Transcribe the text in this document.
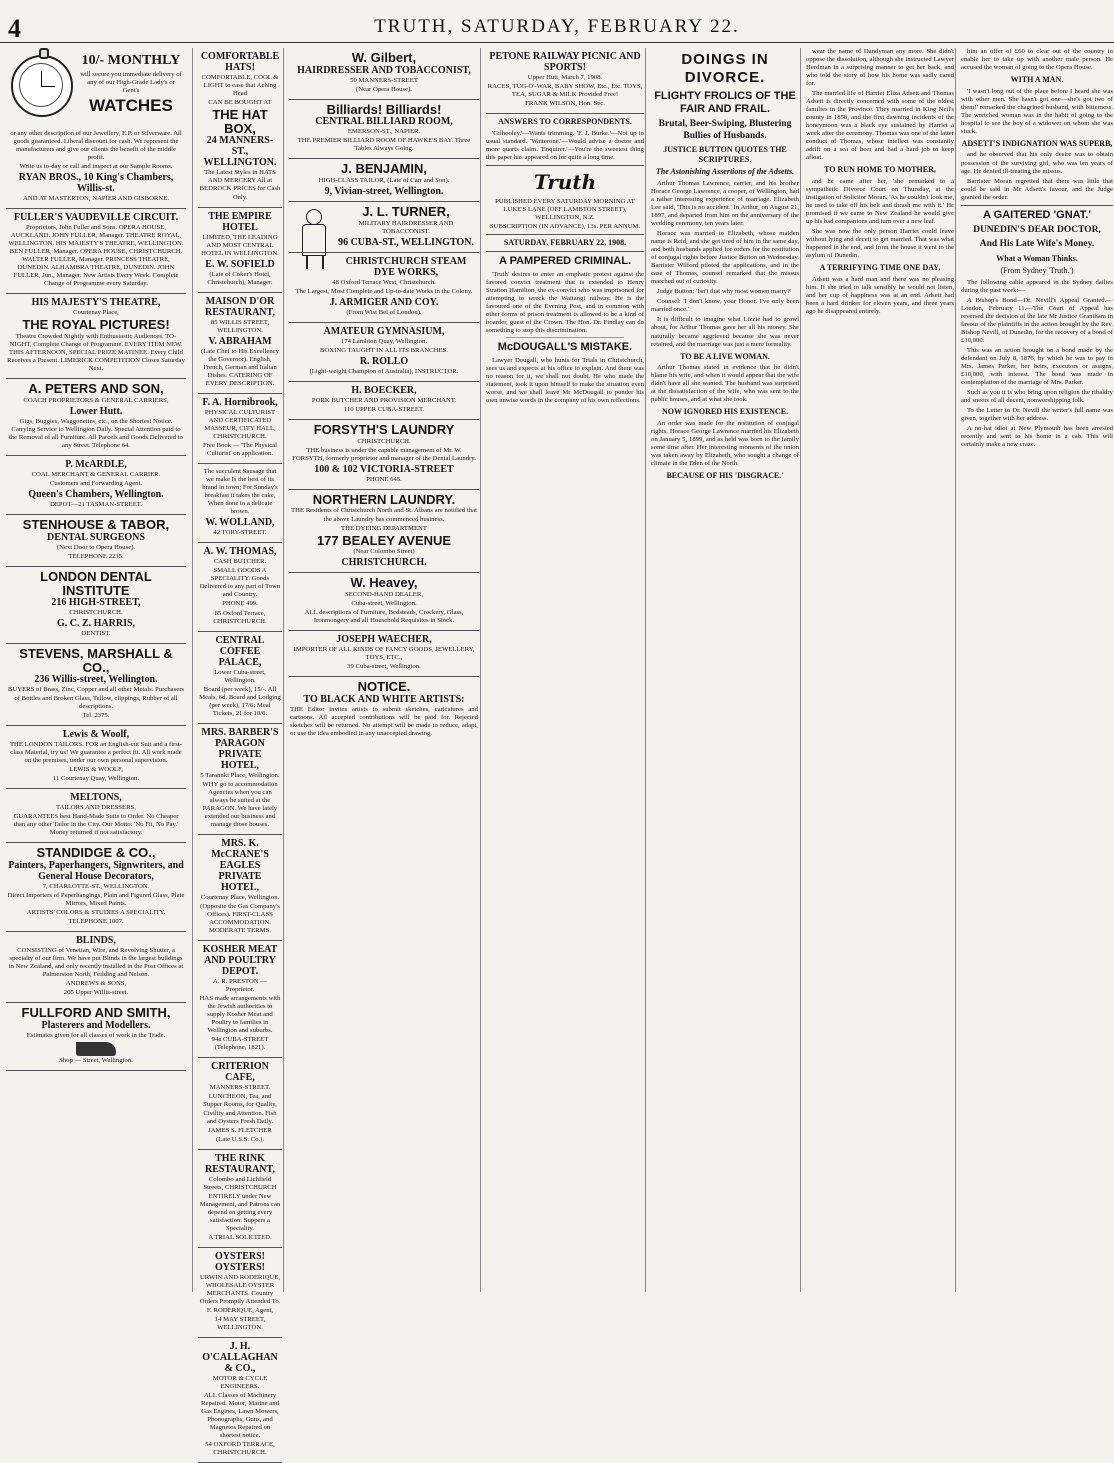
4	TRUTH, SATURDAY, FEBRUARY 22.
10/- MONTHLY

will secure you immediate delivery of any of our High-Grade Lady's or Gent's

WATCHES

or any other description of our Jewellery, E.P. or Silverware. All goods guaranteed. Liberal discount for cash. We represent the manufacturers and give our clients the benefit of the middle profit.

Write us to-day or call and inspect at our Sample Rooms.

RYAN BROS., 10 King's Chambers, Willis-st.

AND AT MASTERTON, NAPIER AND GISBORNE.

FULLER'S VAUDEVILLE CIRCUIT.

Proprietors, John Fuller and Sons. OPERA HOUSE, AUCKLAND. JOHN FULLER, Manager. THEATRE ROYAL, WELLINGTON. HIS MAJESTY'S THEATRE, WELLINGTON. BEN FULLER, Manager. OPERA HOUSE, CHRISTCHURCH. WALTER FULLER, Manager. PRINCESS THEATRE, DUNEDIN. ALHAMBRA THEATRE, DUNEDIN. JOHN FULLER, Jun., Manager. New Artists Every Week. Complete Change of Programme every Saturday.

HIS MAJESTY'S THEATRE,

Courtenay Place,

THE ROYAL PICTURES!

Theatre Crowded Nightly with Enthusiastic Audiences. TO-NIGHT, Complete Change of Programme. EVERY ITEM NEW. THIS AFTERNOON, SPECIAL PRIZE MATINEE. Every Child Receives a Present. LIMERICK COMPETITION Closes Saturday Next.

A. PETERS AND SON,

COACH PROPRIETORS & GENERAL CARRIERS,

Lower Hutt.

Gigs, Buggies, Waggonettes, etc., on the Shortest Notice. Carrying Service to Wellington Daily. Special Attention paid to the Removal of all Furniture. All Parcels and Goods Delivered to any Street. Telephone 64.

P. McARDLE,

COAL MERCHANT & GENERAL CARRIER.

Customers and Forwarding Agent.

Queen's Chambers, Wellington.

DEPOT—21 TASMAN-STREET.

STENHOUSE & TABOR,
DENTAL SURGEONS

(Next Door to Opera House).

TELEPHONE 2235.

LONDON DENTAL INSTITUTE
216 HIGH-STREET,

CHRISTCHURCH.

G. C. Z. HARRIS,

DENTIST.

STEVENS, MARSHALL & CO.,
236 Willis-street, Wellington.

BUYERS of Brass, Zinc, Copper and all other Metals. Purchasers of Bottles and Broken Glass, Tallow, clippings, Rubber of all descriptions.

Tel. 2375.

Lewis & Woolf,

THE LONDON TAILORS. FOR an English-cut Suit and a first-class Material, try us! We guarantee a perfect fit. All work made on the premises, under our own personal supervision.

LEWIS & WOOLF,

11 Courtenay Quay, Wellington.

MELTONS,

TAILORS AND DRESSERS,

GUARANTEES best Hand-Made Suits to Order. No Cheaper than any other Tailor in the City. Our Motto: 'No Fit, No Pay.' Money returned if not satisfactory.

STANDIDGE & CO.,
Painters, Paperhangers, Signwriters, and General House Decorators,

7, CHARLOTTE-ST., WELLINGTON.

Direct Importers of Paperhangings, Plain and Figured Glass, Plate Mirrors, Mixed Paints.

ARTISTS' COLORS & STUDIES A SPECIALITY.

TELEPHONE 1007.

BLINDS,

CONSISTING of Venetian, Wire, and Revolving Shutter, a specialty of our firm. We have put Blinds in the largest buildings in New Zealand, and only recently installed in the Post Offices at Palmerston North, Feilding and Nelson.

ANDREWS & SONS,

205 Upper Willis-street.

FULLFORD AND SMITH,
Plasterers and Modellers.

Estimates given for all classes of work in the Trade.

Shop — Street, Wellington.

COMFORTABLE HATS!

COMFORTABLE, COOL & LIGHT to ease that Aching Head

CAN BE BOUGHT AT

THE HAT BOX,
24 MANNERS-ST., WELLINGTON.

The Latest Styles in HATS AND MERCERY All at BEDROCK PRICES for Cash Only.

THE EMPIRE HOTEL

LIMITED, THE LEADING AND MOST CENTRAL HOTEL IN WELLINGTON.

E. W. SOFIELD

(Late of Coker's Hotel, Christchurch), Manager.

MAISON D'OR RESTAURANT,

85 WILLIS STREET, WELLINGTON.

V. ABRAHAM

(Late Chef to His Excellency the Governor). English, French, German and Italian Dishes. CATERING OF EVERY DESCRIPTION.

F. A. Hornibrook,

PHYSICAL CULTURIST AND CERTIFICATED MASSEUR, CITY HALL, CHRISTCHURCH.

Free Book — 'The Physical Culturist' on application.

The succulent Sausage that we make Is the best of its brand in town; For Sunday's breakfast it takes the cake, When done to a delicate brown.

W. WOLLAND,

42 TORY-STREET.

A. W. THOMAS,

CASH BUTCHER.

SMALL GOODS A SPECIALITY. Goods Delivered to any part of Town and Country.

PHONE 499.

85 Oxford Terrace, CHRISTCHURCH.

CENTRAL COFFEE PALACE,

Lower Cuba-street, Wellington.

Board (per week), 15/-. All Meals, 6d. Board and Lodging (per week), 17/6; Meal Tickets, 21 for 10/6.

MRS. BARBER'S PARAGON PRIVATE HOTEL,

5 Tarannki Place, Wellington.

WHY go to accommodation Agencies when you can always be suited at the PARAGON. We have lately extended our business and manage those houses.

MRS. K. McCRANE'S EAGLES PRIVATE HOTEL,

Courtenay Place, Wellington.

(Opposite the Gas Company's Offices). FIRST-CLASS ACCOMMODATION. MODERATE TERMS.

KOSHER MEAT AND POULTRY DEPOT.

A. R. PRESTON — Proprietor.

HAS made arrangements with the Jewish authorities to supply Kosher Meat and Poultry to families in Wellington and suburbs.

94a CUBA-STREET (Telephone, 1821).

CRITERION CAFE,

MANNERS-STREET.

LUNCHEON, Tea, and Supper Rooms, for Quality, Civility and Attention. Fish and Oysters Fresh Daily.

JAMES S. FLETCHER

(Late U.S.S. Co.).

THE RINK RESTAURANT,

Colombo and Lichfield Streets, CHRISTCHURCH

ENTIRELY under New Management, and Patrons can depend on getting every satisfaction. Suppers a Speciality.

A TRIAL SOLICITED.

OYSTERS! OYSTERS!

URWIN AND RODERIQUE, WHOLESALE OYSTER MERCHANTS. Country Orders Promptly Attended To.

F. RODERIQUE, Agent,

14 MAY STREET, WELLINGTON.

J. H. O'CALLAGHAN & CO.,

MOTOR & CYCLE ENGINEERS.

ALL Classes of Machinery Repaired. Motor, Marine and Gas Engines, Lawn Mowers, Phonographs, Guns, and Magnetos Repaired on shortest notice.

54 OXFORD TERRACE, CHRISTCHURCH.

W. Gilbert,
HAIRDRESSER AND TOBACCONIST,

50 MANNERS-STREET

(Near Opera House).

Billiards! Billiards!
CENTRAL BILLIARD ROOM,

EMERSON-ST., NAPIER.

THE PREMIER BILLIARD ROOM OF HAWKE'S BAY. Three Tables Always Going.

J. BENJAMIN,

HIGH-CLASS TAILOR, (Late of Carr and Son).

9, Vivian-street, Wellington.
J. L. TURNER,

MILITARY HAIRDRESSER AND TOBACCONIST.

96 CUBA-ST., WELLINGTON.
CHRISTCHURCH STEAM DYE WORKS,

48 Oxford Terrace West, Christchurch.

The Largest, Most Complete and Up-to-date Works in the Colony.

J. ARMIGER AND COY.

(From Wist Bel of London).

AMATEUR GYMNASIUM,

174 Lambton Quay, Wellington.

BOXING TAUGHT IN ALL ITS BRANCHES.

R. ROLLO

(Light-weight Champion of Australia), INSTRUCTOR.

H. BOECKER,

PORK BUTCHER AND PROVISION MERCHANT.

110 UPPER CUBA-STREET.

FORSYTH'S LAUNDRY

CHRISTCHURCH.

THE business is under the capable management of Mr. W. FORSYTH, formerly proprietor and manager of the Dental Laundry.

100 & 102 VICTORIA-STREET

PHONE 645.

NORTHERN LAUNDRY.

THE Residents of Christchurch North and St. Albans are notified that the above Laundry has commenced business.

THE DYEING DEPARTMENT

177 BEALEY AVENUE

(Near Colombo Street)

CHRISTCHURCH.
W. Heavey,

SECOND-HAND DEALER,

Cuba-street, Wellington.

ALL descriptions of Furniture, Bedsteads, Crockery, Glass, Ironmongery and all Household Requisites in Stock.

JOSEPH WAECHER,

IMPORTER OF ALL KINDS OF FANCY GOODS, JEWELLERY, TOYS, ETC.,

39 Cuba-street, Wellington.

NOTICE.
TO BLACK AND WHITE ARTISTS:

THE Editor invites artists to submit sketches, caricatures and cartoons. All accepted contributions will be paid for. Rejected sketches will be returned. No attempt will be made to reduce, adapt, or use the idea embodied in any unaccepted drawing.

PETONE RAILWAY PICNIC AND SPORTS!

Upper Hutt, March 7, 1908.

RACES, TUG-O'-WAR, BABY SHOW, Etc., Etc. TOYS, TEA, SUGAR & MILK Provided Free!

FRANK WILSON, Hon. Sec.

ANSWERS TO CORRESPONDENTS.

'Gilhooley.'—Wants trimming. 'F. J. Burke.'—Not up to usual standard. 'Waiterone.'—Would advise a doctor and more quarts claim. 'Enquirer.'—You're the sweetest thing this paper has appeared on for quite a long time.

Truth

PUBLISHED EVERY SATURDAY MORNING AT LUKE'S LANE (OFF LAMBTON STREET), WELLINGTON, N.Z.

SUBSCRIPTION (IN ADVANCE), 13s. PER ANNUM.

SATURDAY, FEBRUARY 22, 1908.
A PAMPERED CRIMINAL.

'Truth' desires to enter an emphatic protest against the favored convict treatment that is extended to Henry Stratton Hamilton, the ex-convict who was imprisoned for attempting to wreck the Waitangi railway. He is the favoured one of the Evening Post, and in common with other forms of prison treatment is allowed to be a kind of boarder, guest of the Crown. The Hon. Dr. Findlay can do something to stop this discrimination.

McDOUGALL'S MISTAKE.

Lawyer Dougall, who hunts for Trials in Christchurch, sees us and expects at his office to explain. And there was no reason for it, we shall not doubt. He who made the statement, took it upon himself to make the situation even worse, and we shall leave Mr McDougall to ponder his own unwise words in the company of his own reflections.

DOINGS IN DIVORCE.
FLIGHTY FROLICS OF THE FAIR AND FRAIL.
Brutal, Beer-Swiping, Blustering Bullies of Husbands.
JUSTICE BUTTON QUOTES THE SCRIPTURES.
The Astonishing Assertions of the Adsetts.

Arthur Thomas Lawrence, carrier, and his brother Horace George Lawrence, a cooper, of Wellington, had a rather interesting experience of marriage. Elizabeth Lee said, 'This is no accident.' In Arthur, on August 21, 1897, and departed from him on the anniversary of the wedding ceremony, ten years later.

Horace was married to Elizabeth, whose maiden name is Reid, and she got tired of him in the same day, and both husbands applied for orders for the restitution of conjugal rights before Justice Button on Wednesday. Barrister Wilford piloted the applications, and in the case of Thomas, counsel remarked that the missus marched out of curiosity.

Judge Button: 'Isn't that why most women marry?'

Counsel: 'I don't know, your Honor. I've only been married once.'

It is difficult to imagine what Lizzie had to growl about, for Arthur Thomas gave her all his money. She naturally became aggrieved because she was never retained, and the marriage was just a mere formality.

TO BE A LIVE WOMAN.

Arthur Thomas stated in evidence that he didn't blame his wife, and when it would appear that the wife didn't have all she wanted. The husband was surprised at the dissatisfaction of the wife, who was sent to the public houses, and at what she took.

NOW IGNORED HIS EXISTENCE.

An order was made for the restitution of conjugal rights. Horace George Lawrence married his Elizabeth on January 5, 1899, and as held was born to the family some time after. Her interesting moments of the union was taken away by Elizabeth, who sought a change of climate in the Eden of the North.

BECAUSE OF HIS 'DISGRACE.'

wear the name of Dandyman any more. She didn't oppose the dissolution, although she instructed Lawyer Herdman in a surprising manner to get her back, and who told the story of how his home was sadly cared for.

The married life of Harriet Eliza Adsett and Thomas Adsett is directly concerned with some of the oldest families in the Province. They married in King Neil's county in 1858, and the first dawning incidents of the honeymoon was a black eye sustained by Harriet a week after the ceremony. Thomas was one of the latter conduct of Thomas, whose intellect was constantly adrift on a sea of beer and had a hard job to keep afloat.

TO RUN HOME TO MOTHER,

and he came after her, 'she remarked to a sympathetic Divorce Court on Thursday, at the instigation of Solicitor Moran. 'As he couldn't look me, he used to take off his belt and thrash me with it.' He promised if we came to New Zealand he would give up his bad companions and turn over a new leaf.

She was now the only person Harriet could leave without lying and deceit to get married. That was what happened in the end, and from the house it went to the asylum of Dunedin.

A TERRIFYING TIME ONE DAY,

Adsett was a hard man and there was no pleasing him. If she tried to talk sensibly he would not listen, and her cup of happiness was at an end. Adsett had been a hard drinker for eleven years, and three years ago he disappeared entirely.

him an offer of £60 to clear out of the country to enable her to take up with another male person. He accused the woman of going to the Opera House.

WITH A MAN.

'I wasn't long out of the place before I heard she was with other men. She hasn't got one—she's got two of them!' remarked the chagrined husband, with bitterness. The wretched woman was in the habit of going to the hospital to see the boy of a widower on whom she was stuck.

ADSETT'S INDIGNATION WAS SUPERB,

and he observed that his only desire was to obtain possession of the surviving girl, who was ten years of age. He denied ill-treating the missus.

Barrister Moran regretted that there was little that could be said in Mr Adsett's favour, and the Judge granted the order.

A GAITERED 'GNAT.'
DUNEDIN'S DEAR DOCTOR,
And His Late Wife's Money.
What a Woman Thinks.
(From Sydney 'Truth.')

The following cable appeared in the Sydney dailies during the past week:—

A Bishop's Bond—Dr. Nevill's Appeal Granted.—London, February 11.—The Court of Appeal has reversed the decision of the late Mr Justice Grantham in favour of the plaintiffs in the action brought by the Rev. Bishop Nevill, of Dunedin, for the recovery of a bond of £10,000.

This was an action brought on a bond made by the defendant on July 8, 1876, by which he was to pay to Mrs. James Parker, her heirs, executors or assigns, £10,000, with interest. The bond was made in contemplation of the marriage of Mrs. Parker.

Such as you it is who bring upon religion the ribaldry and sneers of all decent, nonworshipping folk.

To the Letter to Dr. Nevill the writer's full name was given, together with her address.

A no-hat idiot at New Plymouth has been arrested recently and sent to his home in a cab. This will certainly make a new craze.
